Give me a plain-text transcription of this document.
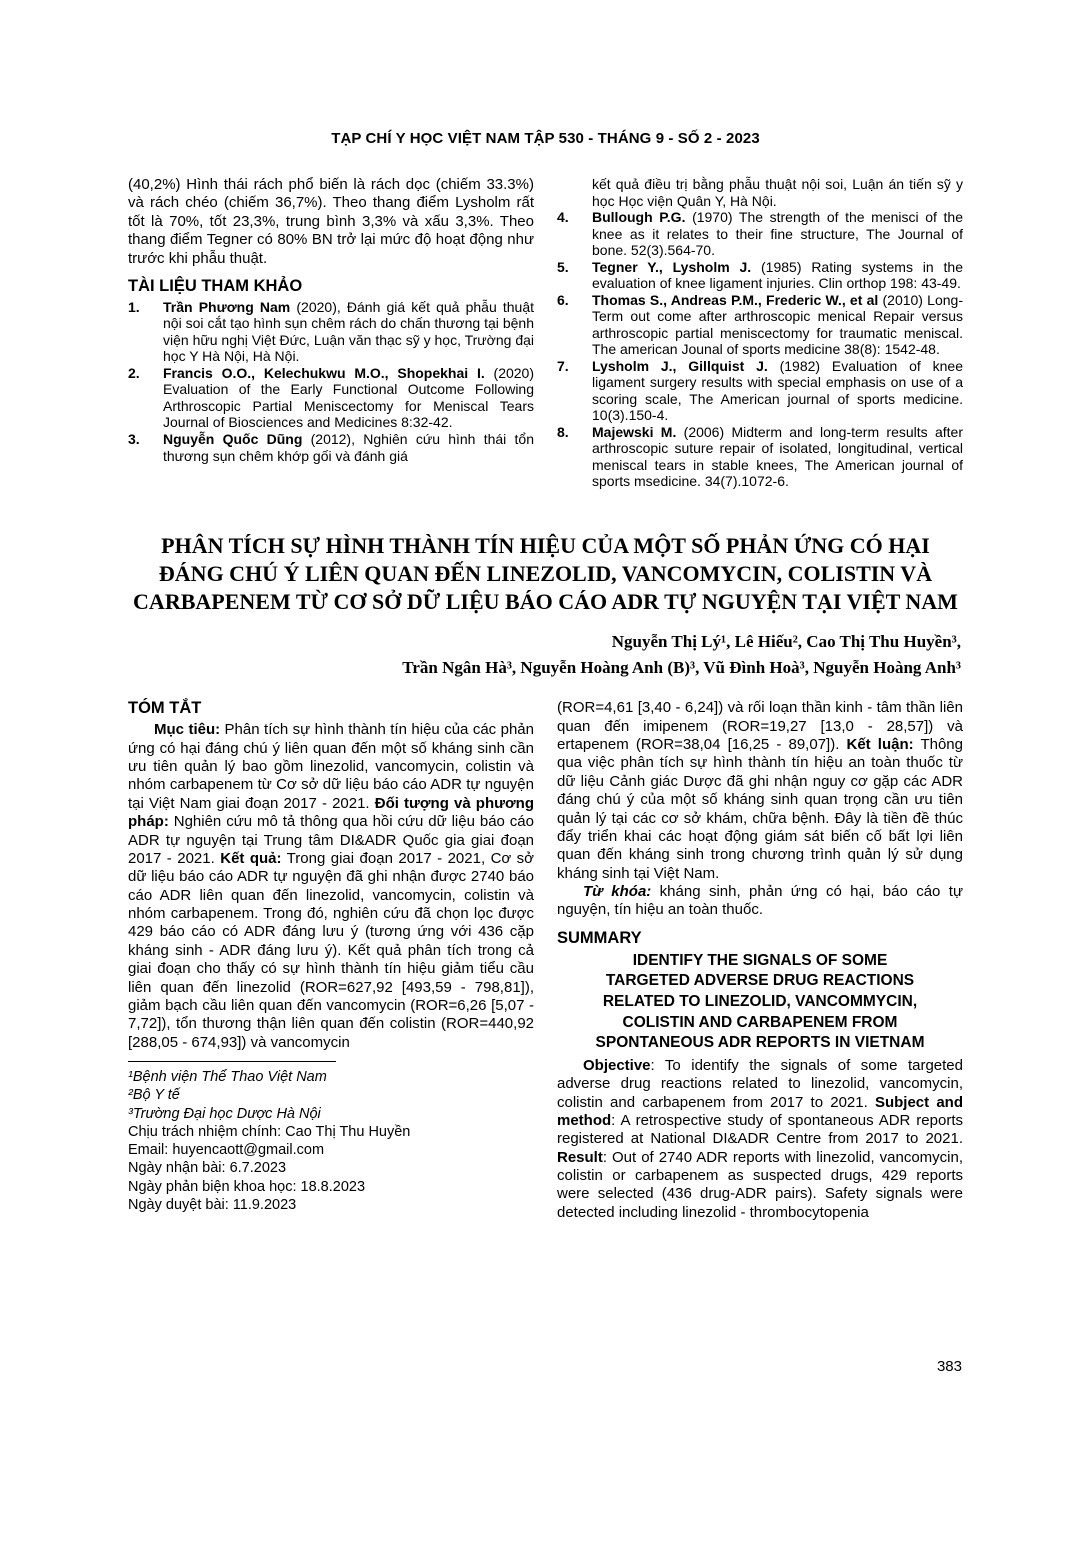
TẠP CHÍ Y HỌC VIỆT NAM TẬP 530 - THÁNG 9 - SỐ 2 - 2023

(40,2%) Hình thái rách phổ biến là rách dọc (chiếm 33.3%) và rách chéo (chiếm 36,7%). Theo thang điểm Lysholm rất tốt là 70%, tốt 23,3%, trung bình 3,3% và xấu 3,3%. Theo thang điểm Tegner có 80% BN trở lại mức độ hoạt động như trước khi phẫu thuật.

TÀI LIỆU THAM KHẢO
1. Trần Phương Nam (2020), Đánh giá kết quả phẫu thuật nội soi cắt tạo hình sụn chêm rách do chấn thương tại bệnh viện hữu nghị Việt Đức, Luận văn thạc sỹ y học, Trường đại học Y Hà Nội, Hà Nội.
2. Francis O.O., Kelechukwu M.O., Shopekhai I. (2020) Evaluation of the Early Functional Outcome Following Arthroscopic Partial Meniscectomy for Meniscal Tears Journal of Biosciences and Medicines 8:32-42.
3. Nguyễn Quốc Dũng (2012), Nghiên cứu hình thái tổn thương sụn chêm khớp gối và đánh giá

kết quả điều trị bằng phẫu thuật nội soi, Luận án tiến sỹ y học Học viện Quân Y, Hà Nội.

4. Bullough P.G. (1970) The strength of the menisci of the knee as it relates to their fine structure, The Journal of bone. 52(3).564-70.
5. Tegner Y., Lysholm J. (1985) Rating systems in the evaluation of knee ligament injuries. Clin orthop 198: 43-49.
6. Thomas S., Andreas P.M., Frederic W., et al (2010) Long- Term out come after arthroscopic menical Repair versus arthroscopic partial meniscectomy for traumatic meniscal. The american Jounal of sports medicine 38(8): 1542-48.
7. Lysholm J., Gillquist J. (1982) Evaluation of knee ligament surgery results with special emphasis on use of a scoring scale, The American journal of sports medicine. 10(3).150-4.
8. Majewski M. (2006) Midterm and long-term results after arthroscopic suture repair of isolated, longitudinal, vertical meniscal tears in stable knees, The American journal of sports msedicine. 34(7).1072-6.
PHÂN TÍCH SỰ HÌNH THÀNH TÍN HIỆU CỦA MỘT SỐ PHẢN ỨNG CÓ HẠI
ĐÁNG CHÚ Ý LIÊN QUAN ĐẾN LINEZOLID, VANCOMYCIN, COLISTIN VÀ
CARBAPENEM TỪ CƠ SỞ DỮ LIỆU BÁO CÁO ADR TỰ NGUYỆN TẠI VIỆT NAM
Nguyễn Thị Lý¹, Lê Hiếu², Cao Thị Thu Huyền³,
Trần Ngân Hà³, Nguyễn Hoàng Anh (B)³, Vũ Đình Hoà³, Nguyễn Hoàng Anh³
TÓM TẮT

Mục tiêu: Phân tích sự hình thành tín hiệu của các phản ứng có hại đáng chú ý liên quan đến một số kháng sinh cần ưu tiên quản lý bao gồm linezolid, vancomycin, colistin và nhóm carbapenem từ Cơ sở dữ liệu báo cáo ADR tự nguyện tại Việt Nam giai đoạn 2017 - 2021. Đối tượng và phương pháp: Nghiên cứu mô tả thông qua hồi cứu dữ liệu báo cáo ADR tự nguyện tại Trung tâm DI&ADR Quốc gia giai đoạn 2017 - 2021. Kết quả: Trong giai đoạn 2017 - 2021, Cơ sở dữ liệu báo cáo ADR tự nguyện đã ghi nhận được 2740 báo cáo ADR liên quan đến linezolid, vancomycin, colistin và nhóm carbapenem. Trong đó, nghiên cứu đã chọn lọc được 429 báo cáo có ADR đáng lưu ý (tương ứng với 436 cặp kháng sinh - ADR đáng lưu ý). Kết quả phân tích trong cả giai đoạn cho thấy có sự hình thành tín hiệu giảm tiểu cầu liên quan đến linezolid (ROR=627,92 [493,59 - 798,81]), giảm bạch cầu liên quan đến vancomycin (ROR=6,26 [5,07 - 7,72]), tổn thương thận liên quan đến colistin (ROR=440,92 [288,05 - 674,93]) và vancomycin

¹Bệnh viện Thể Thao Việt Nam
²Bộ Y tế
³Trường Đại học Dược Hà Nội
Chịu trách nhiệm chính: Cao Thị Thu Huyền
Email: huyencaott@gmail.com
Ngày nhận bài: 6.7.2023
Ngày phản biện khoa học: 18.8.2023
Ngày duyệt bài: 11.9.2023

(ROR=4,61 [3,40 - 6,24]) và rối loạn thần kinh - tâm thần liên quan đến imipenem (ROR=19,27 [13,0 - 28,57]) và ertapenem (ROR=38,04 [16,25 - 89,07]). Kết luận: Thông qua việc phân tích sự hình thành tín hiệu an toàn thuốc từ dữ liệu Cảnh giác Dược đã ghi nhận nguy cơ gặp các ADR đáng chú ý của một số kháng sinh quan trọng cần ưu tiên quản lý tại các cơ sở khám, chữa bệnh. Đây là tiền đề thúc đẩy triển khai các hoạt động giám sát biến cố bất lợi liên quan đến kháng sinh trong chương trình quản lý sử dụng kháng sinh tại Việt Nam.

Từ khóa: kháng sinh, phản ứng có hại, báo cáo tự nguyện, tín hiệu an toàn thuốc.

SUMMARY
IDENTIFY THE SIGNALS OF SOME
TARGETED ADVERSE DRUG REACTIONS
RELATED TO LINEZOLID, VANCOMMYCIN,
COLISTIN AND CARBAPENEM FROM
SPONTANEOUS ADR REPORTS IN VIETNAM

Objective: To identify the signals of some targeted adverse drug reactions related to linezolid, vancomycin, colistin and carbapenem from 2017 to 2021. Subject and method: A retrospective study of spontaneous ADR reports registered at National DI&ADR Centre from 2017 to 2021. Result: Out of 2740 ADR reports with linezolid, vancomycin, colistin or carbapenem as suspected drugs, 429 reports were selected (436 drug-ADR pairs). Safety signals were detected including linezolid - thrombocytopenia

383
